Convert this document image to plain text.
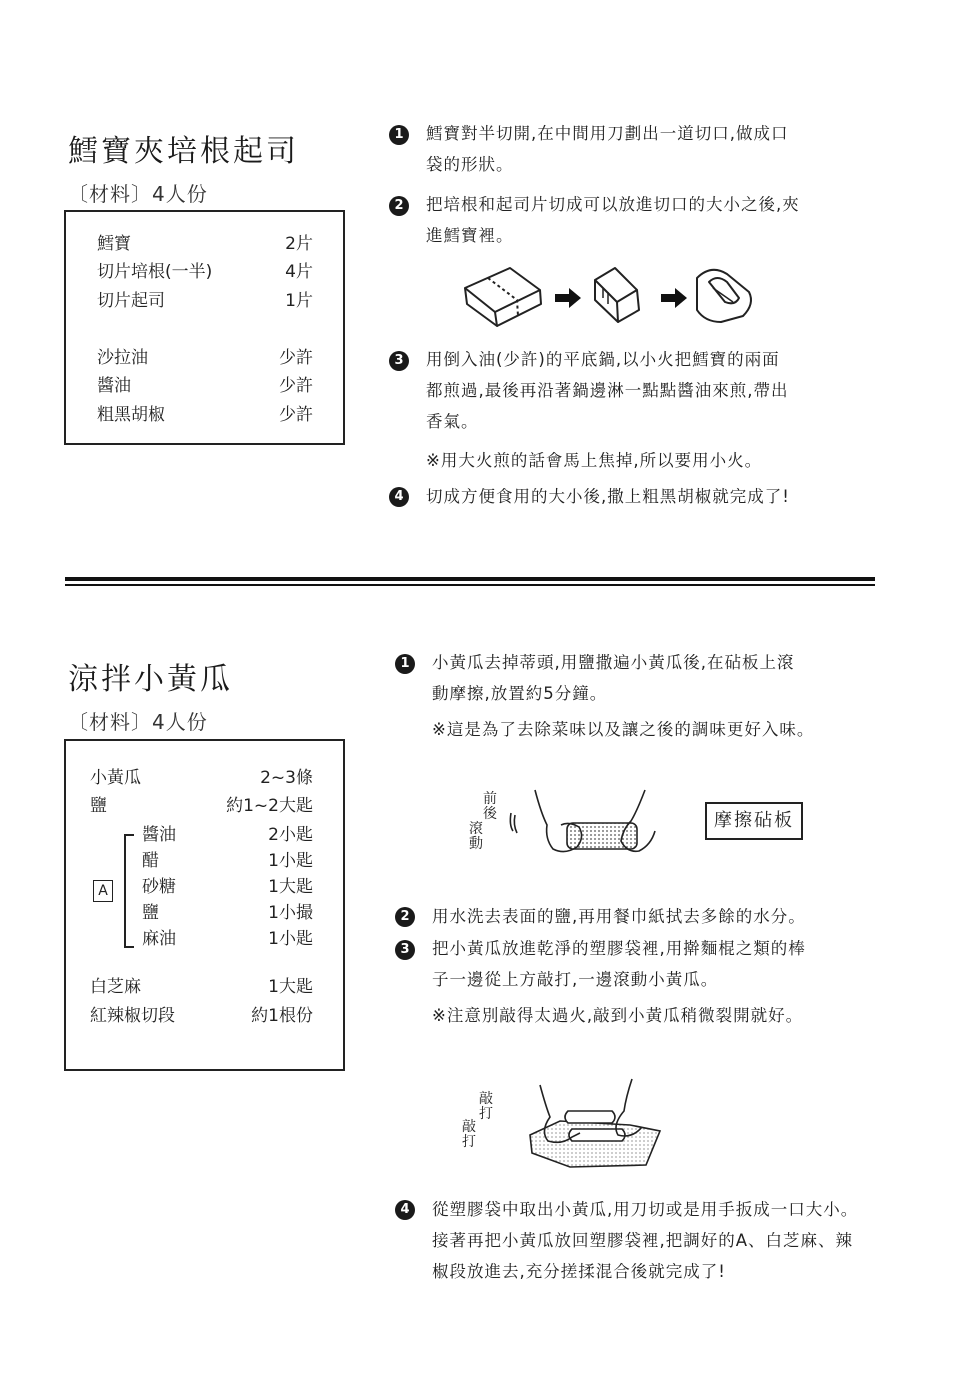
鱈寶夾培根起司
〔材料〕4人份
鱈寶	2片
切片培根(一半)	4片
切片起司	1片
沙拉油	少許
醬油	少許
粗黑胡椒	少許
1	鱈寶對半切開,在中間用刀劃出一道切口,做成口
袋的形狀。
2	把培根和起司片切成可以放進切口的大小之後,夾
進鱈寶裡。
3	用倒入油(少許)的平底鍋,以小火把鱈寶的兩面
都煎過,最後再沿著鍋邊淋一點點醬油來煎,帶出
香氣。
※用大火煎的話會馬上焦掉,所以要用小火。
4	切成方便食用的大小後,撒上粗黑胡椒就完成了!
涼拌小黃瓜
〔材料〕4人份
小黃瓜	2~3條
鹽	約1~2大匙
A
醬油	2小匙
醋	1小匙
砂糖	1大匙
鹽	1小撮
麻油	1小匙
白芝麻	1大匙
紅辣椒切段	約1根份
1	小黃瓜去掉蒂頭,用鹽撒遍小黃瓜後,在砧板上滾
動摩擦,放置約5分鐘。
※這是為了去除菜味以及讓之後的調味更好入味。
前後
滾動
摩擦砧板
2	用水洗去表面的鹽,再用餐巾紙拭去多餘的水分。
3	把小黃瓜放進乾淨的塑膠袋裡,用擀麵棍之類的棒
子一邊從上方敲打,一邊滾動小黃瓜。
※注意別敲得太過火,敲到小黃瓜稍微裂開就好。
敲打
敲打
4	從塑膠袋中取出小黃瓜,用刀切或是用手扳成一口大小。
接著再把小黃瓜放回塑膠袋裡,把調好的A、白芝麻、辣
椒段放進去,充分搓揉混合後就完成了!
